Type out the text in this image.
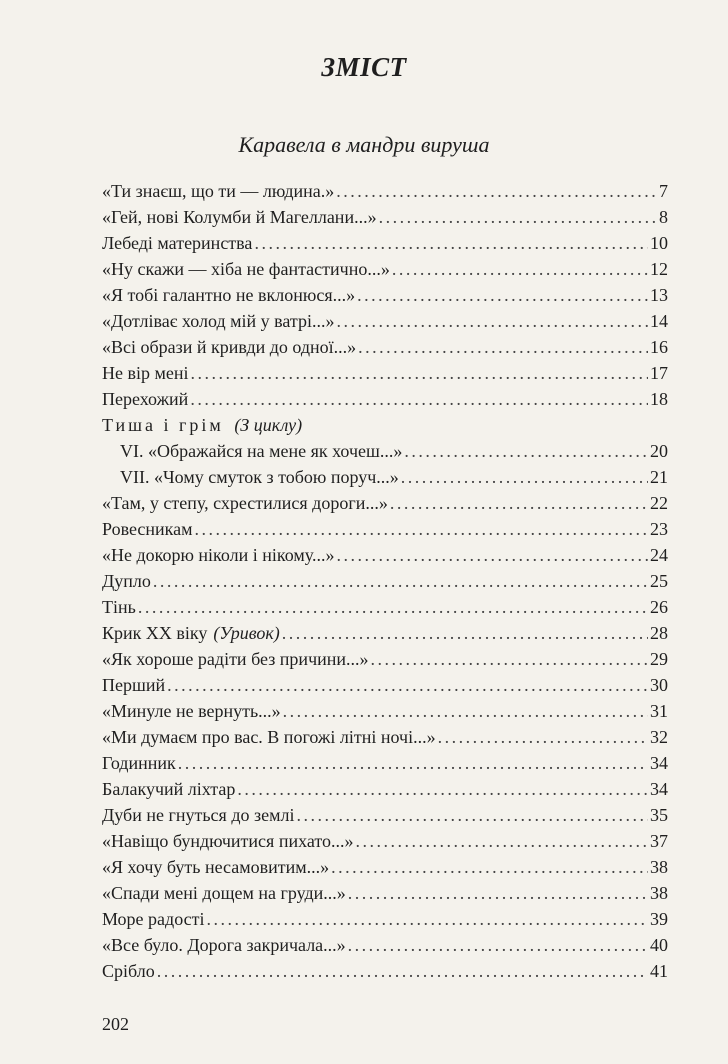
ЗМІСТ
Каравела в мандри вируша
«Ти знаєш, що ти — людина.» . . .	7
«Гей, нові Колумби й Магеллани...» . . .	8
Лебеді материнства . . .	10
«Ну скажи — хіба не фантастично...» . . .	12
«Я тобі галантно не вклонюся...» . . .	13
«Дотліває холод мій у ватрі...» . . .	14
«Всі образи й кривди до одної...» . . .	16
Не вір мені . . .	17
Перехожий . . .	18
Тиша і грім (З циклу)
VI. «Ображайся на мене як хочеш...» . . .	20
VII. «Чому смуток з тобою поруч...» . . .	21
«Там, у степу, схрестилися дороги...» . . .	22
Ровесникам . . .	23
«Не докорю ніколи і нікому...» . . .	24
Дупло . . .	25
Тінь . . .	26
Крик XX віку (Уривок) . . .	28
«Як хороше радіти без причини...» . . .	29
Перший . . .	30
«Минуле не вернуть...» . . .	31
«Ми думаєм про вас. В погожі літні ночі...» . . .	32
Годинник . . .	34
Балакучий ліхтар . . .	34
Дуби не гнуться до землі . . .	35
«Навіщо бундючитися пихато...» . . .	37
«Я хочу буть несамовитим...» . . .	38
«Спади мені дощем на груди...» . . .	38
Море радості . . .	39
«Все було. Дорога закричала...» . . .	40
Срібло . . .	41
202
